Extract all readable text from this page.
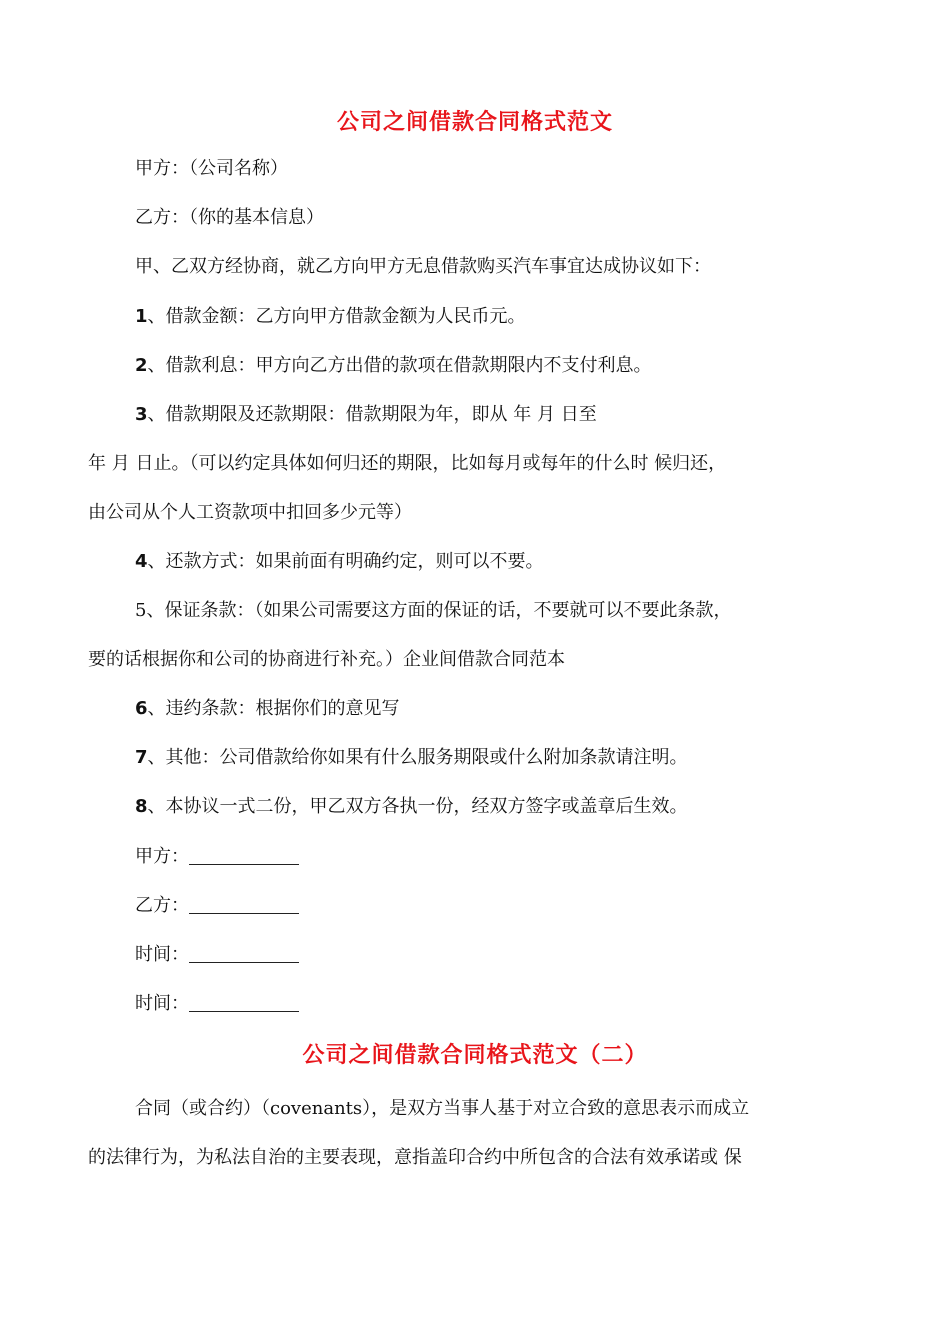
公司之间借款合同格式范文
甲方：（公司名称）
乙方：（你的基本信息）
甲、乙双方经协商，就乙方向甲方无息借款购买汽车事宜达成协议如下：
1、借款金额：乙方向甲方借款金额为人民币元。
2、借款利息：甲方向乙方出借的款项在借款期限内不支付利息。
3、借款期限及还款期限：借款期限为年，即从 年 月 日至
年 月 日止。（可以约定具体如何归还的期限，比如每月或每年的什么时 候归还，
由公司从个人工资款项中扣回多少元等）
4、还款方式：如果前面有明确约定，则可以不要。
5、保证条款：（如果公司需要这方面的保证的话，不要就可以不要此条款，
要的话根据你和公司的协商进行补充。）企业间借款合同范本
6、违约条款：根据你们的意见写
7、其他：公司借款给你如果有什么服务期限或什么附加条款请注明。
8、本协议一式二份，甲乙双方各执一份，经双方签字或盖章后生效。
甲方：
乙方：
时间：
时间：
公司之间借款合同格式范文（二）
合同（或合约）（covenants），是双方当事人基于对立合致的意思表示而成立
的法律行为，为私法自治的主要表现，意指盖印合约中所包含的合法有效承诺或 保
